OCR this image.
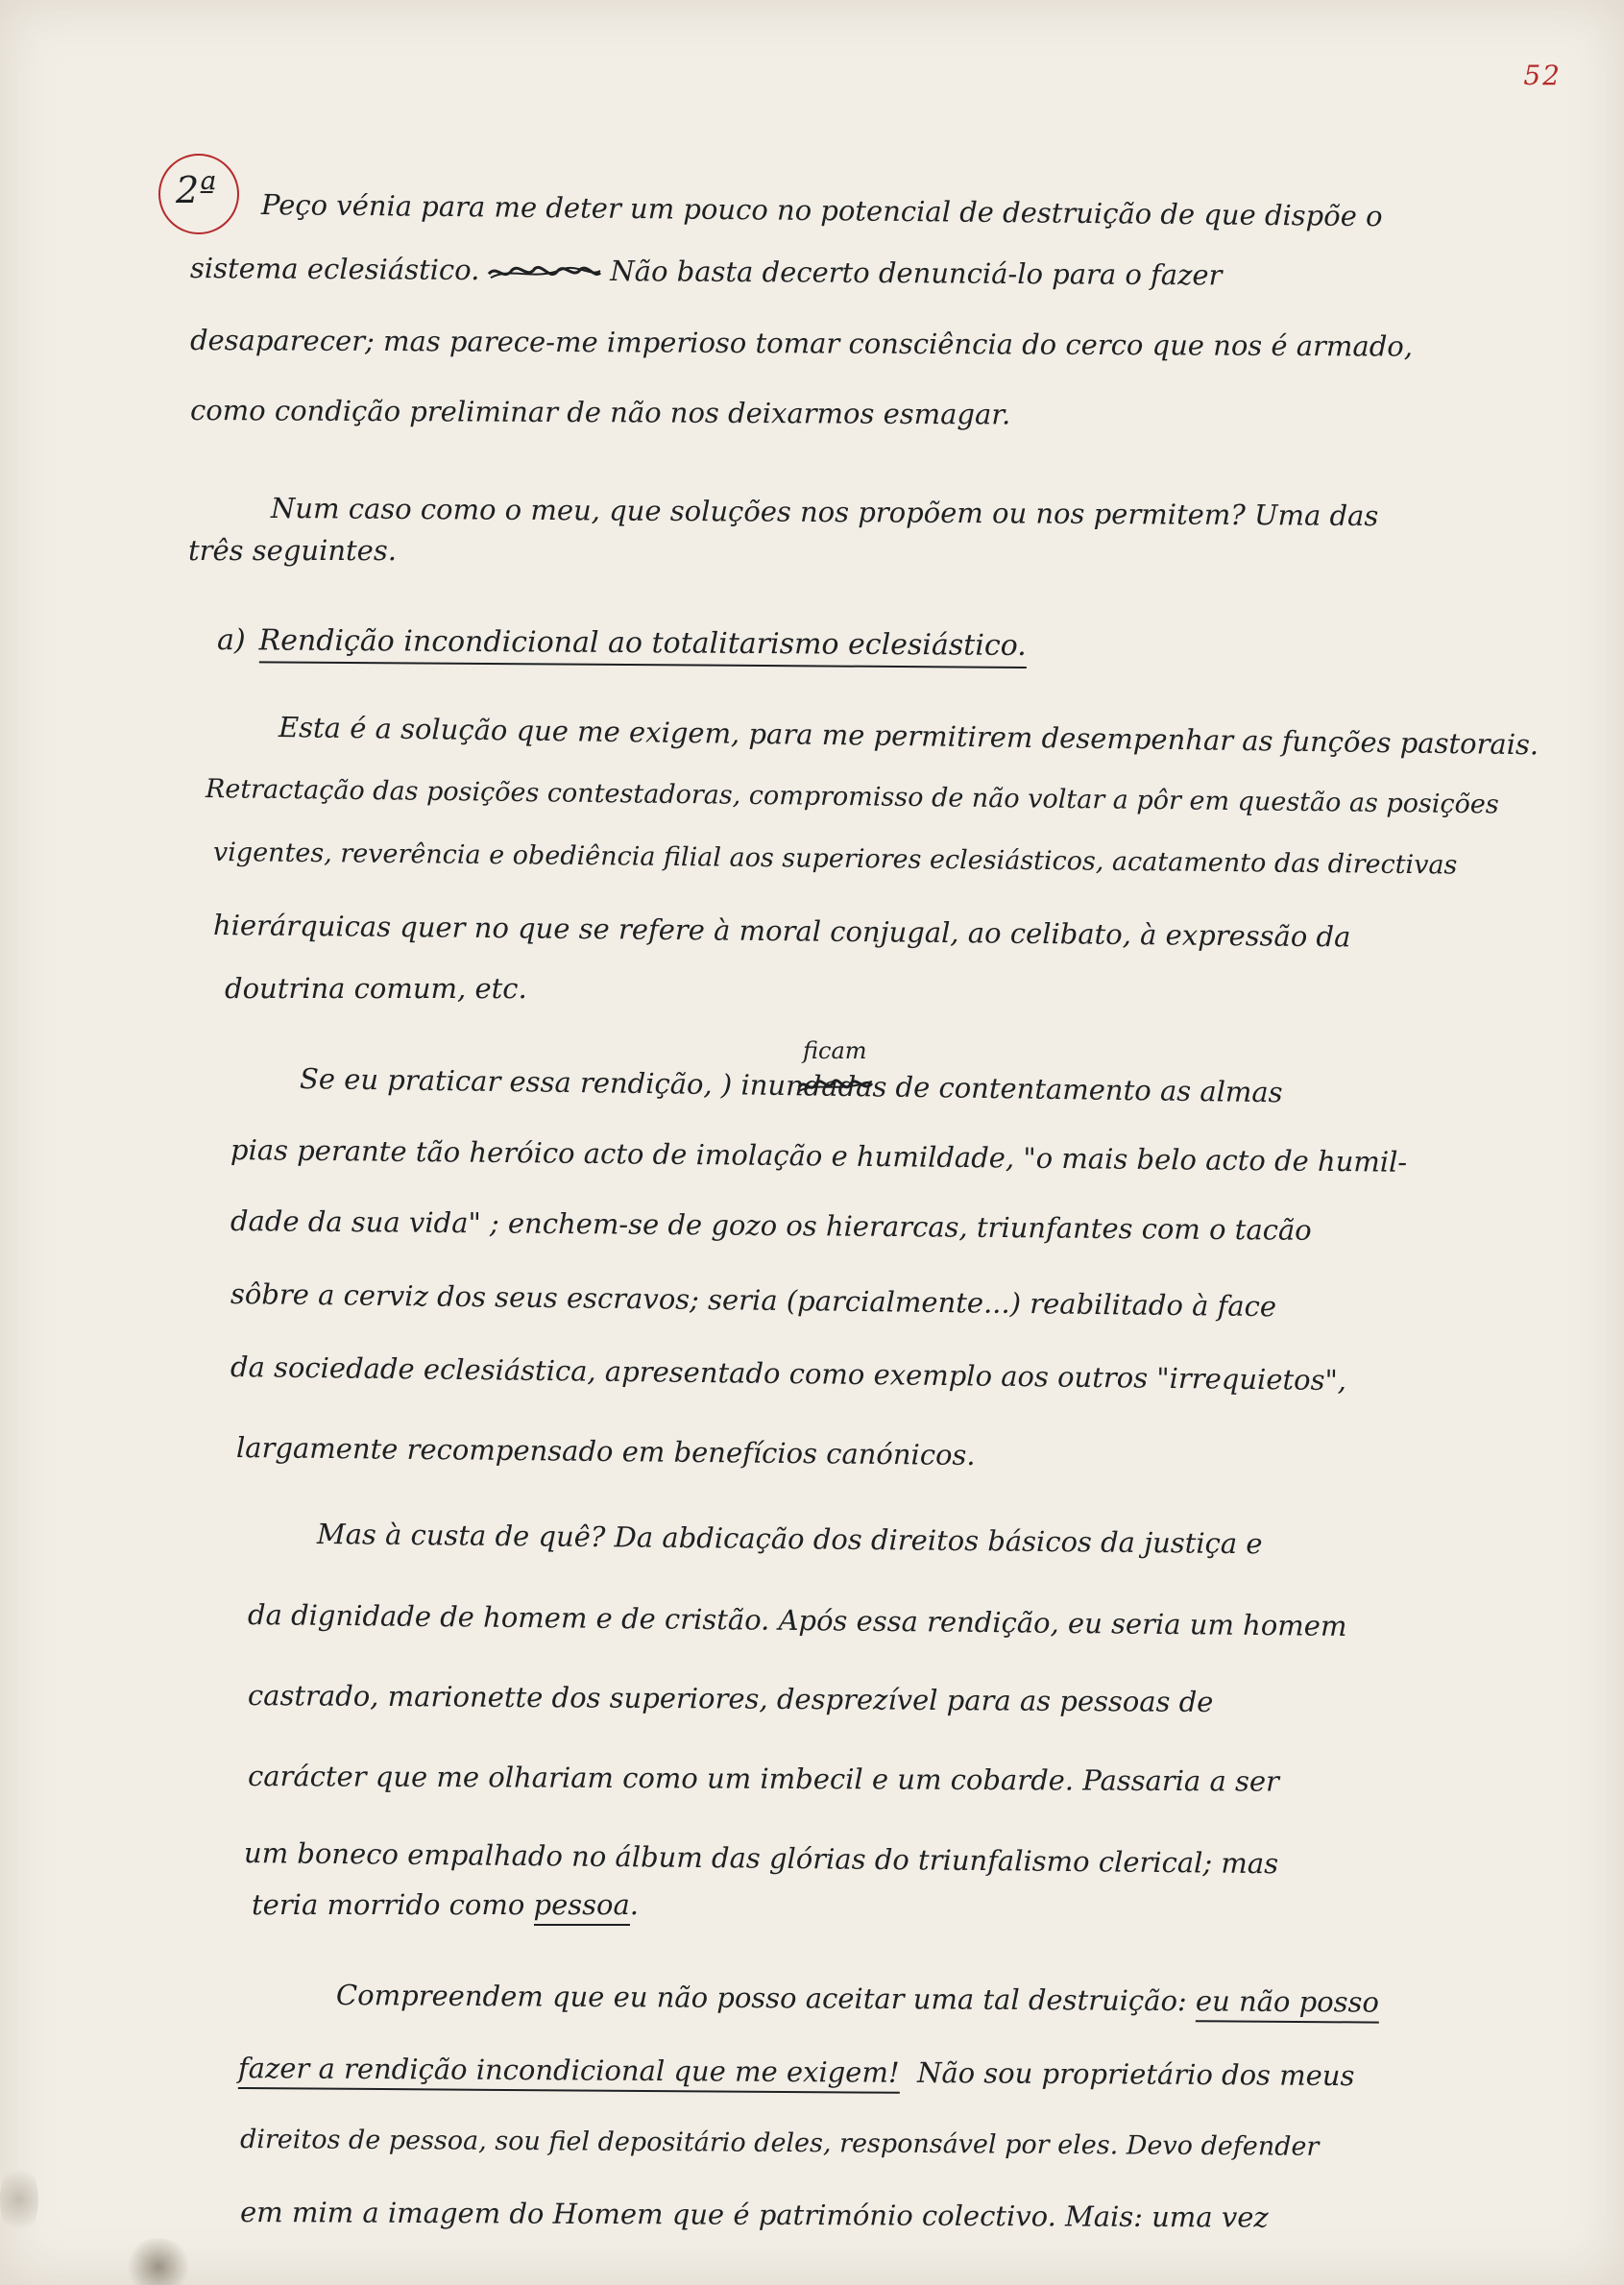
52
2ª Peço vénia para me deter um pouco no potencial de destruição de que dispõe o

sistema eclesiástico.	Não basta decerto denunciá-lo para o fazer

desaparecer; mas parece-me imperioso tomar consciência do cerco que nos é armado,

como condição preliminar de não nos deixarmos esmagar.

Num caso como o meu, que soluções nos propõem ou nos permitem? Uma das

três seguintes.

a) Rendição incondicional ao totalitarismo eclesiástico.

Esta é a solução que me exigem, para me permitirem desempenhar as funções pastorais.

Retractação das posições contestadoras, compromisso de não voltar a pôr em questão as posições

vigentes, reverência e obediência filial aos superiores eclesiásticos, acatamento das directivas

hierárquicas quer no que se refere à moral conjugal, ao celibato, à expressão da

doutrina comum, etc.

ficam

Se eu praticar essa rendição, ) inundadas de contentamento as almas

pias perante tão heróico acto de imolação e humildade, "o mais belo acto de humil-

dade da sua vida" ; enchem-se de gozo os hierarcas, triunfantes com o tacão

sôbre a cerviz dos seus escravos; seria (parcialmente...) reabilitado à face

da sociedade eclesiástica, apresentado como exemplo aos outros "irrequietos",

largamente recompensado em benefícios canónicos.

Mas à custa de quê? Da abdicação dos direitos básicos da justiça e

da dignidade de homem e de cristão. Após essa rendição, eu seria um homem

castrado, marionette dos superiores, desprezível para as pessoas de

carácter que me olhariam como um imbecil e um cobarde. Passaria a ser

um boneco empalhado no álbum das glórias do triunfalismo clerical; mas

teria morrido como pessoa.

Compreendem que eu não posso aceitar uma tal destruição: eu não posso

fazer a rendição incondicional que me exigem! Não sou proprietário dos meus

direitos de pessoa, sou fiel depositário deles, responsável por eles. Devo defender

em mim a imagem do Homem que é património colectivo. Mais: uma vez
